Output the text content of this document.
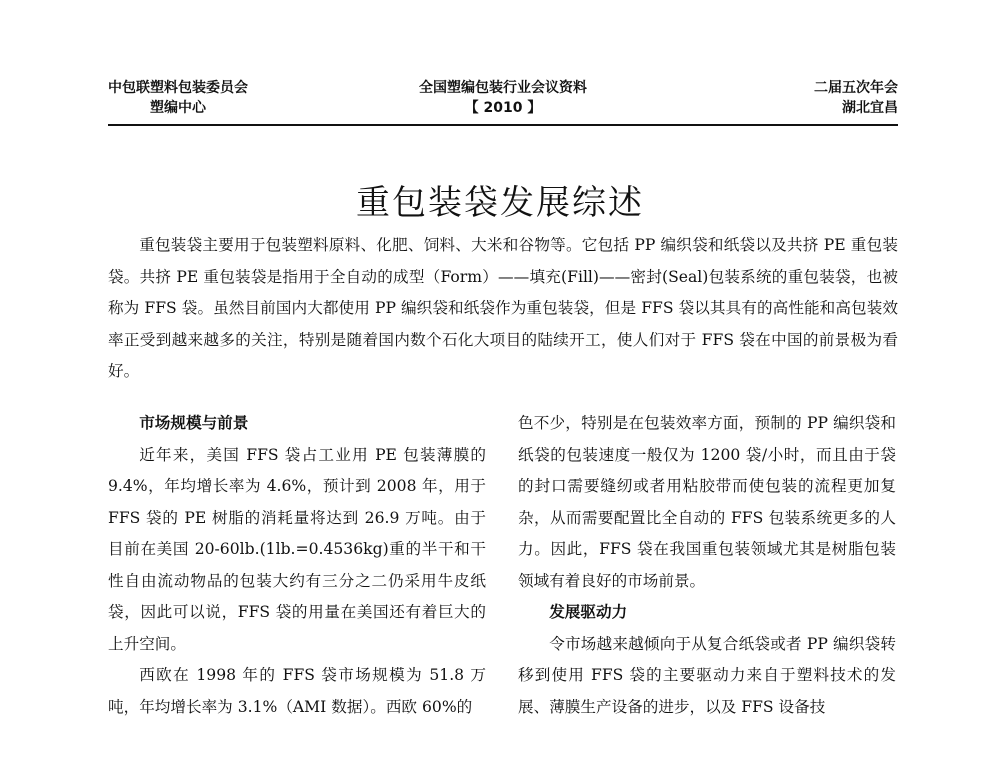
中包联塑料包装委员会
塑编中心
全国塑编包装行业会议资料
【 2010 】
二届五次年会
湖北宜昌
重包装袋发展综述

重包装袋主要用于包装塑料原料、化肥、饲料、大米和谷物等。它包括 PP 编织袋和纸袋以及共挤 PE 重包装袋。共挤 PE 重包装袋是指用于全自动的成型（Form）——填充(Fill)——密封(Seal)包装系统的重包装袋，也被称为 FFS 袋。虽然目前国内大都使用 PP 编织袋和纸袋作为重包装袋，但是 FFS 袋以其具有的高性能和高包装效率正受到越来越多的关注，特别是随着国内数个石化大项目的陆续开工，使人们对于 FFS 袋在中国的前景极为看好。

市场规模与前景

近年来，美国 FFS 袋占工业用 PE 包装薄膜的 9.4%，年均增长率为 4.6%，预计到 2008 年，用于 FFS 袋的 PE 树脂的消耗量将达到 26.9 万吨。由于目前在美国 20-60lb.(1lb.=0.4536kg)重的半干和干性自由流动物品的包装大约有三分之二仍采用牛皮纸袋，因此可以说，FFS 袋的用量在美国还有着巨大的上升空间。

西欧在 1998 年的 FFS 袋市场规模为 51.8 万吨，年均增长率为 3.1%（AMI 数据）。西欧 60%的

色不少，特别是在包装效率方面，预制的 PP 编织袋和纸袋的包装速度一般仅为 1200 袋/小时，而且由于袋的封口需要缝纫或者用粘胶带而使包装的流程更加复杂，从而需要配置比全自动的 FFS 包装系统更多的人力。因此，FFS 袋在我国重包装领域尤其是树脂包装领域有着良好的市场前景。

发展驱动力

令市场越来越倾向于从复合纸袋或者 PP 编织袋转移到使用 FFS 袋的主要驱动力来自于塑料技术的发展、薄膜生产设备的进步，以及 FFS 设备技
